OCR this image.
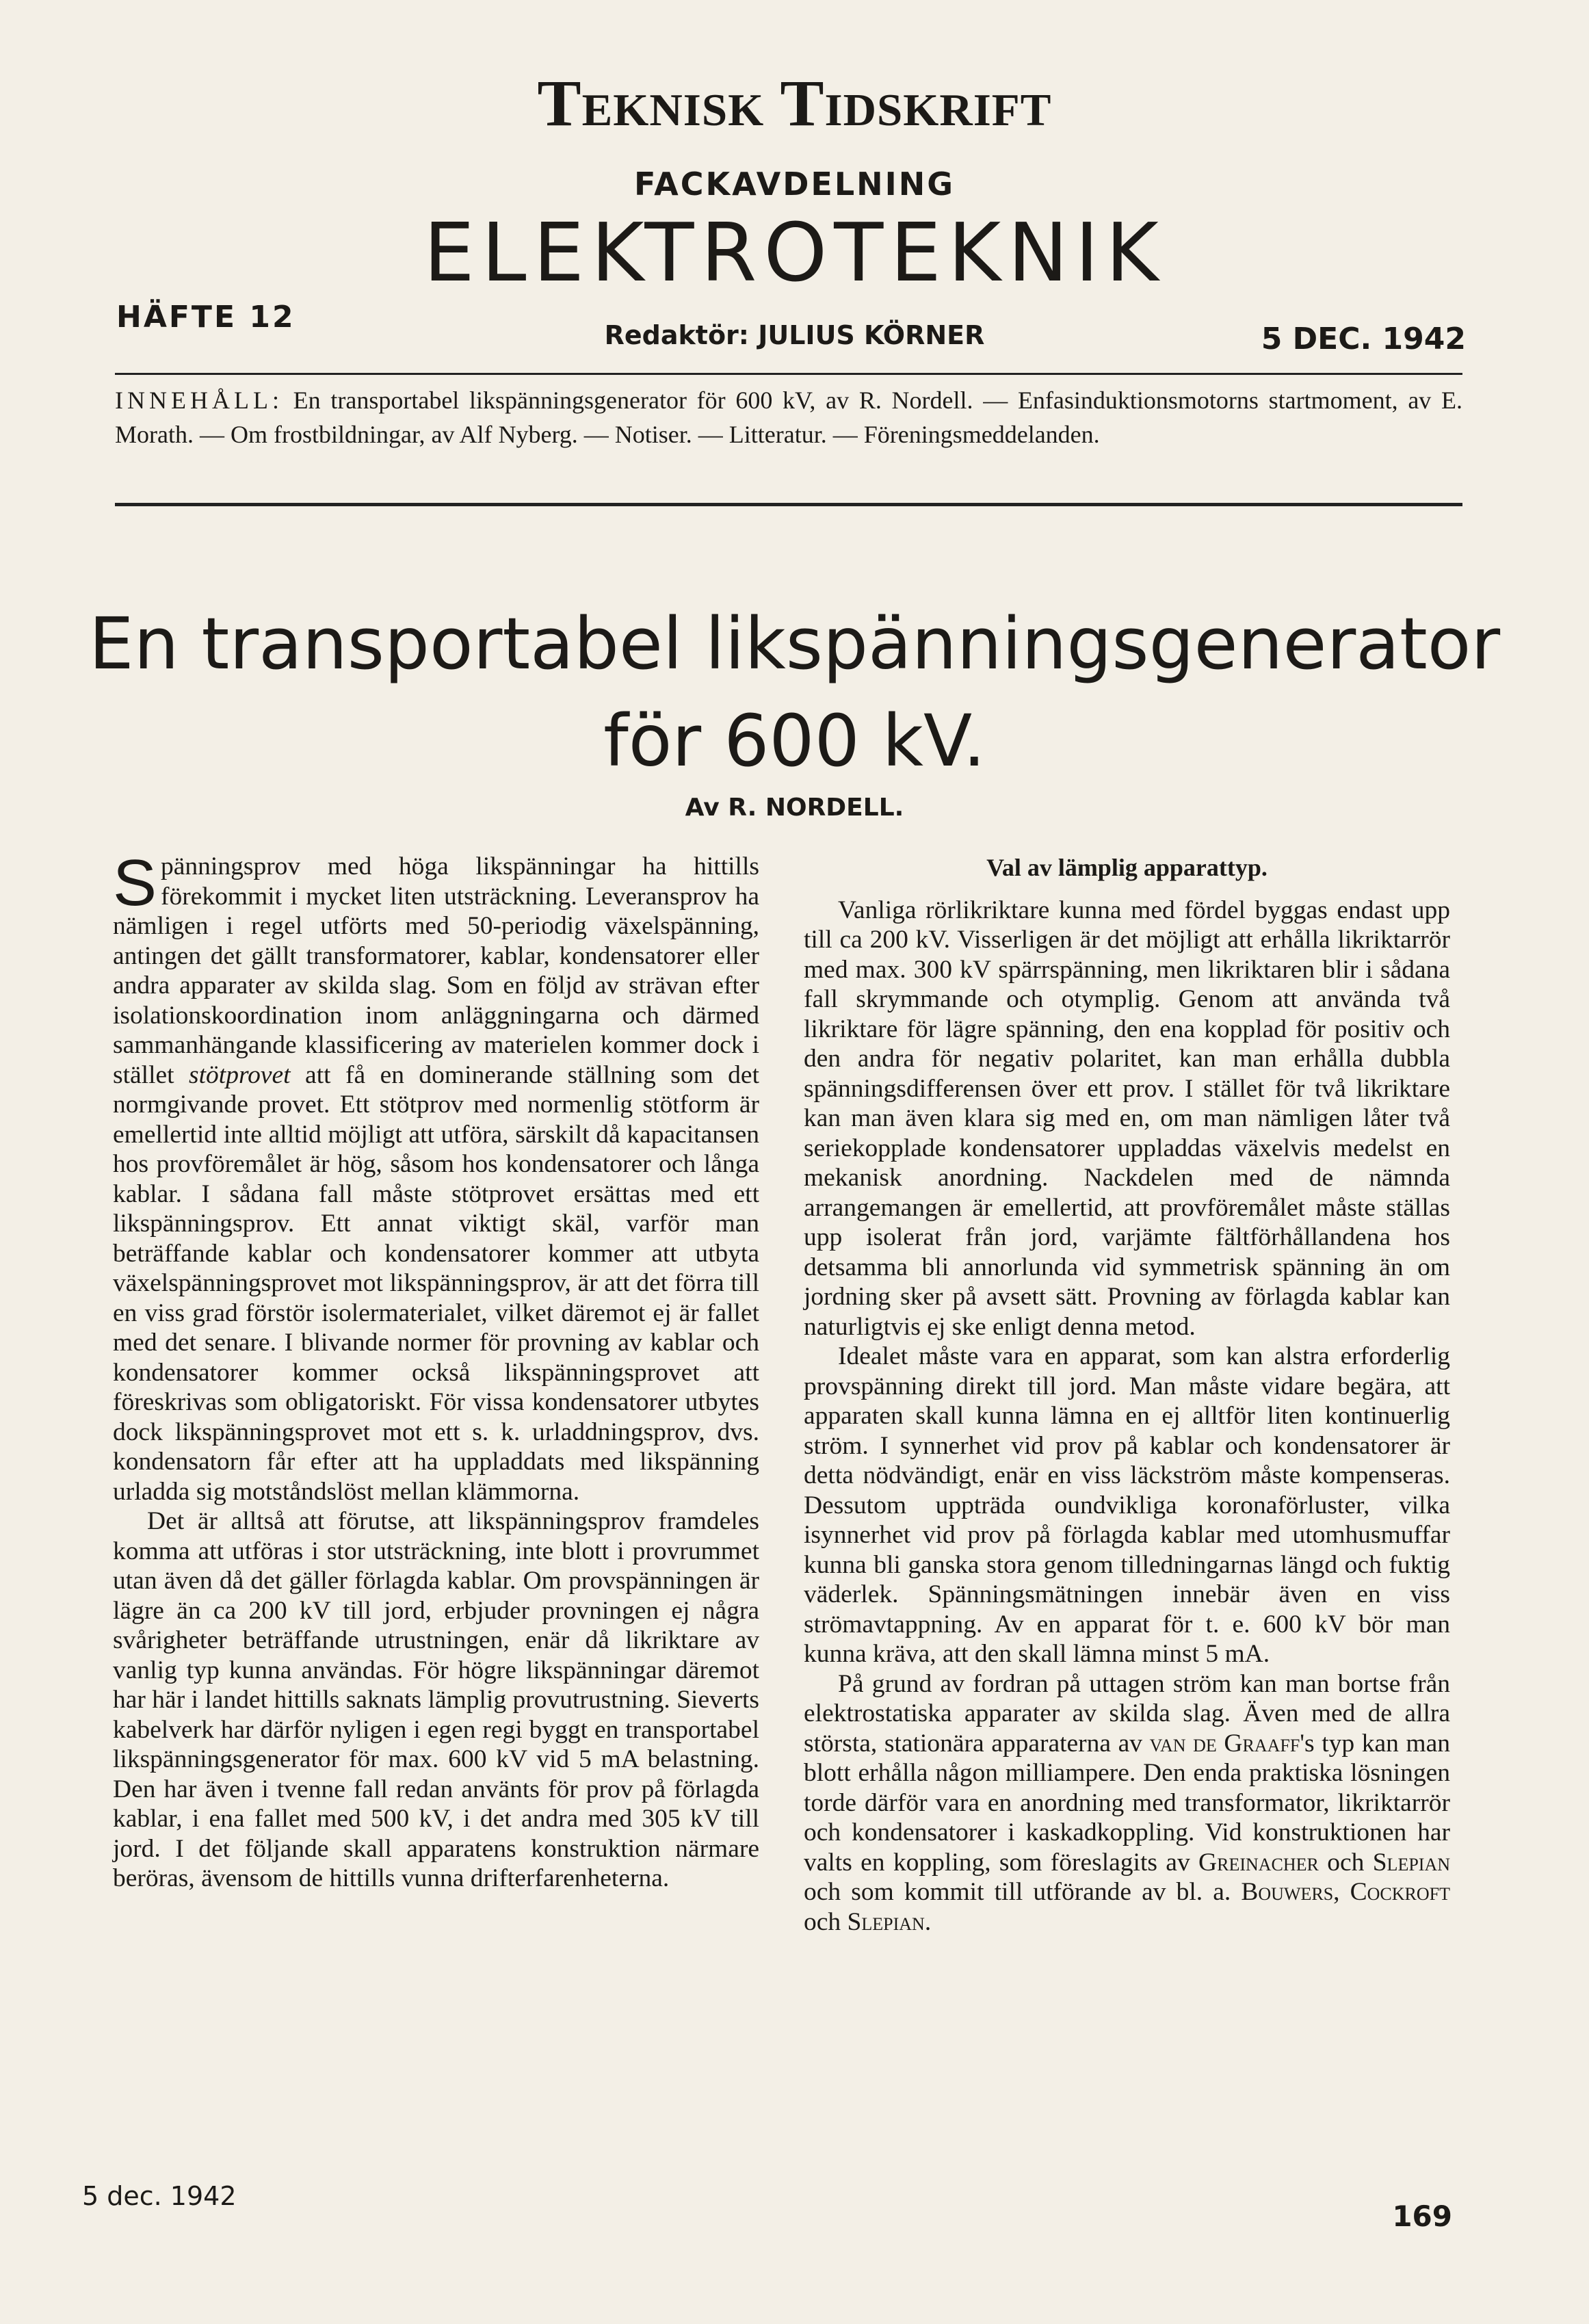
Teknisk Tidskrift
FACKAVDELNING
ELEKTROTEKNIK
HÄFTE 12
Redaktör: JULIUS KÖRNER	5 DEC. 1942
INNEHÅLL: En transportabel likspänningsgenerator för 600 kV, av R. Nordell. — Enfasinduktionsmotorns startmoment, av E. Morath. — Om frostbildningar, av Alf Nyberg. — Notiser. — Litteratur. — Föreningsmeddelanden.
En transportabel likspänningsgenerator
för 600 kV.
Av R. NORDELL.

Spänningsprov med höga likspänningar ha hittills förekommit i mycket liten utsträckning. Leveransprov ha nämligen i regel utförts med 50-periodig växelspänning, antingen det gällt transformatorer, kablar, kondensatorer eller andra apparater av skilda slag. Som en följd av strävan efter isolationskoordination inom anläggningarna och därmed sammanhängande klassificering av materielen kommer dock i stället stötprovet att få en dominerande ställning som det normgivande provet. Ett stötprov med normenlig stötform är emellertid inte alltid möjligt att utföra, särskilt då kapacitansen hos provföremålet är hög, såsom hos kondensatorer och långa kablar. I sådana fall måste stötprovet ersättas med ett likspänningsprov. Ett annat viktigt skäl, varför man beträffande kablar och kondensatorer kommer att utbyta växelspänningsprovet mot likspänningsprov, är att det förra till en viss grad förstör isolermaterialet, vilket däremot ej är fallet med det senare. I blivande normer för provning av kablar och kondensatorer kommer också likspänningsprovet att föreskrivas som obligatoriskt. För vissa kondensatorer utbytes dock likspänningsprovet mot ett s. k. urladdningsprov, dvs. kondensatorn får efter att ha uppladdats med likspänning urladda sig motståndslöst mellan klämmorna.

Det är alltså att förutse, att likspänningsprov framdeles komma att utföras i stor utsträckning, inte blott i provrummet utan även då det gäller förlagda kablar. Om provspänningen är lägre än ca 200 kV till jord, erbjuder provningen ej några svårigheter beträffande utrustningen, enär då likriktare av vanlig typ kunna användas. För högre likspänningar däremot har här i landet hittills saknats lämplig provutrustning. Sieverts kabelverk har därför nyligen i egen regi byggt en transportabel likspänningsgenerator för max. 600 kV vid 5 mA belastning. Den har även i tvenne fall redan använts för prov på förlagda kablar, i ena fallet med 500 kV, i det andra med 305 kV till jord. I det följande skall apparatens konstruktion närmare beröras, ävensom de hittills vunna drifterfarenheterna.

Val av lämplig apparattyp.

Vanliga rörlikriktare kunna med fördel byggas endast upp till ca 200 kV. Visserligen är det möjligt att erhålla likriktarrör med max. 300 kV spärrspänning, men likriktaren blir i sådana fall skrymmande och otymplig. Genom att använda två likriktare för lägre spänning, den ena kopplad för positiv och den andra för negativ polaritet, kan man erhålla dubbla spänningsdifferensen över ett prov. I stället för två likriktare kan man även klara sig med en, om man nämligen låter två seriekopplade kondensatorer uppladdas växelvis medelst en mekanisk anordning. Nackdelen med de nämnda arrangemangen är emellertid, att provföremålet måste ställas upp isolerat från jord, varjämte fältförhållandena hos detsamma bli annorlunda vid symmetrisk spänning än om jordning sker på avsett sätt. Provning av förlagda kablar kan naturligtvis ej ske enligt denna metod.

Idealet måste vara en apparat, som kan alstra erforderlig provspänning direkt till jord. Man måste vidare begära, att apparaten skall kunna lämna en ej alltför liten kontinuerlig ström. I synnerhet vid prov på kablar och kondensatorer är detta nödvändigt, enär en viss läckström måste kompenseras. Dessutom uppträda oundvikliga koronaförluster, vilka isynnerhet vid prov på förlagda kablar med utomhusmuffar kunna bli ganska stora genom tilledningarnas längd och fuktig väderlek. Spänningsmätningen innebär även en viss strömavtappning. Av en apparat för t. e. 600 kV bör man kunna kräva, att den skall lämna minst 5 mA.

På grund av fordran på uttagen ström kan man bortse från elektrostatiska apparater av skilda slag. Även med de allra största, stationära apparaterna av van de Graaff's typ kan man blott erhålla någon milliampere. Den enda praktiska lösningen torde därför vara en anordning med transformator, likriktarrör och kondensatorer i kaskadkoppling. Vid konstruktionen har valts en koppling, som föreslagits av Greinacher och Slepian och som kommit till utförande av bl. a. Bouwers, Cockroft och Slepian.

5 dec. 1942
169
